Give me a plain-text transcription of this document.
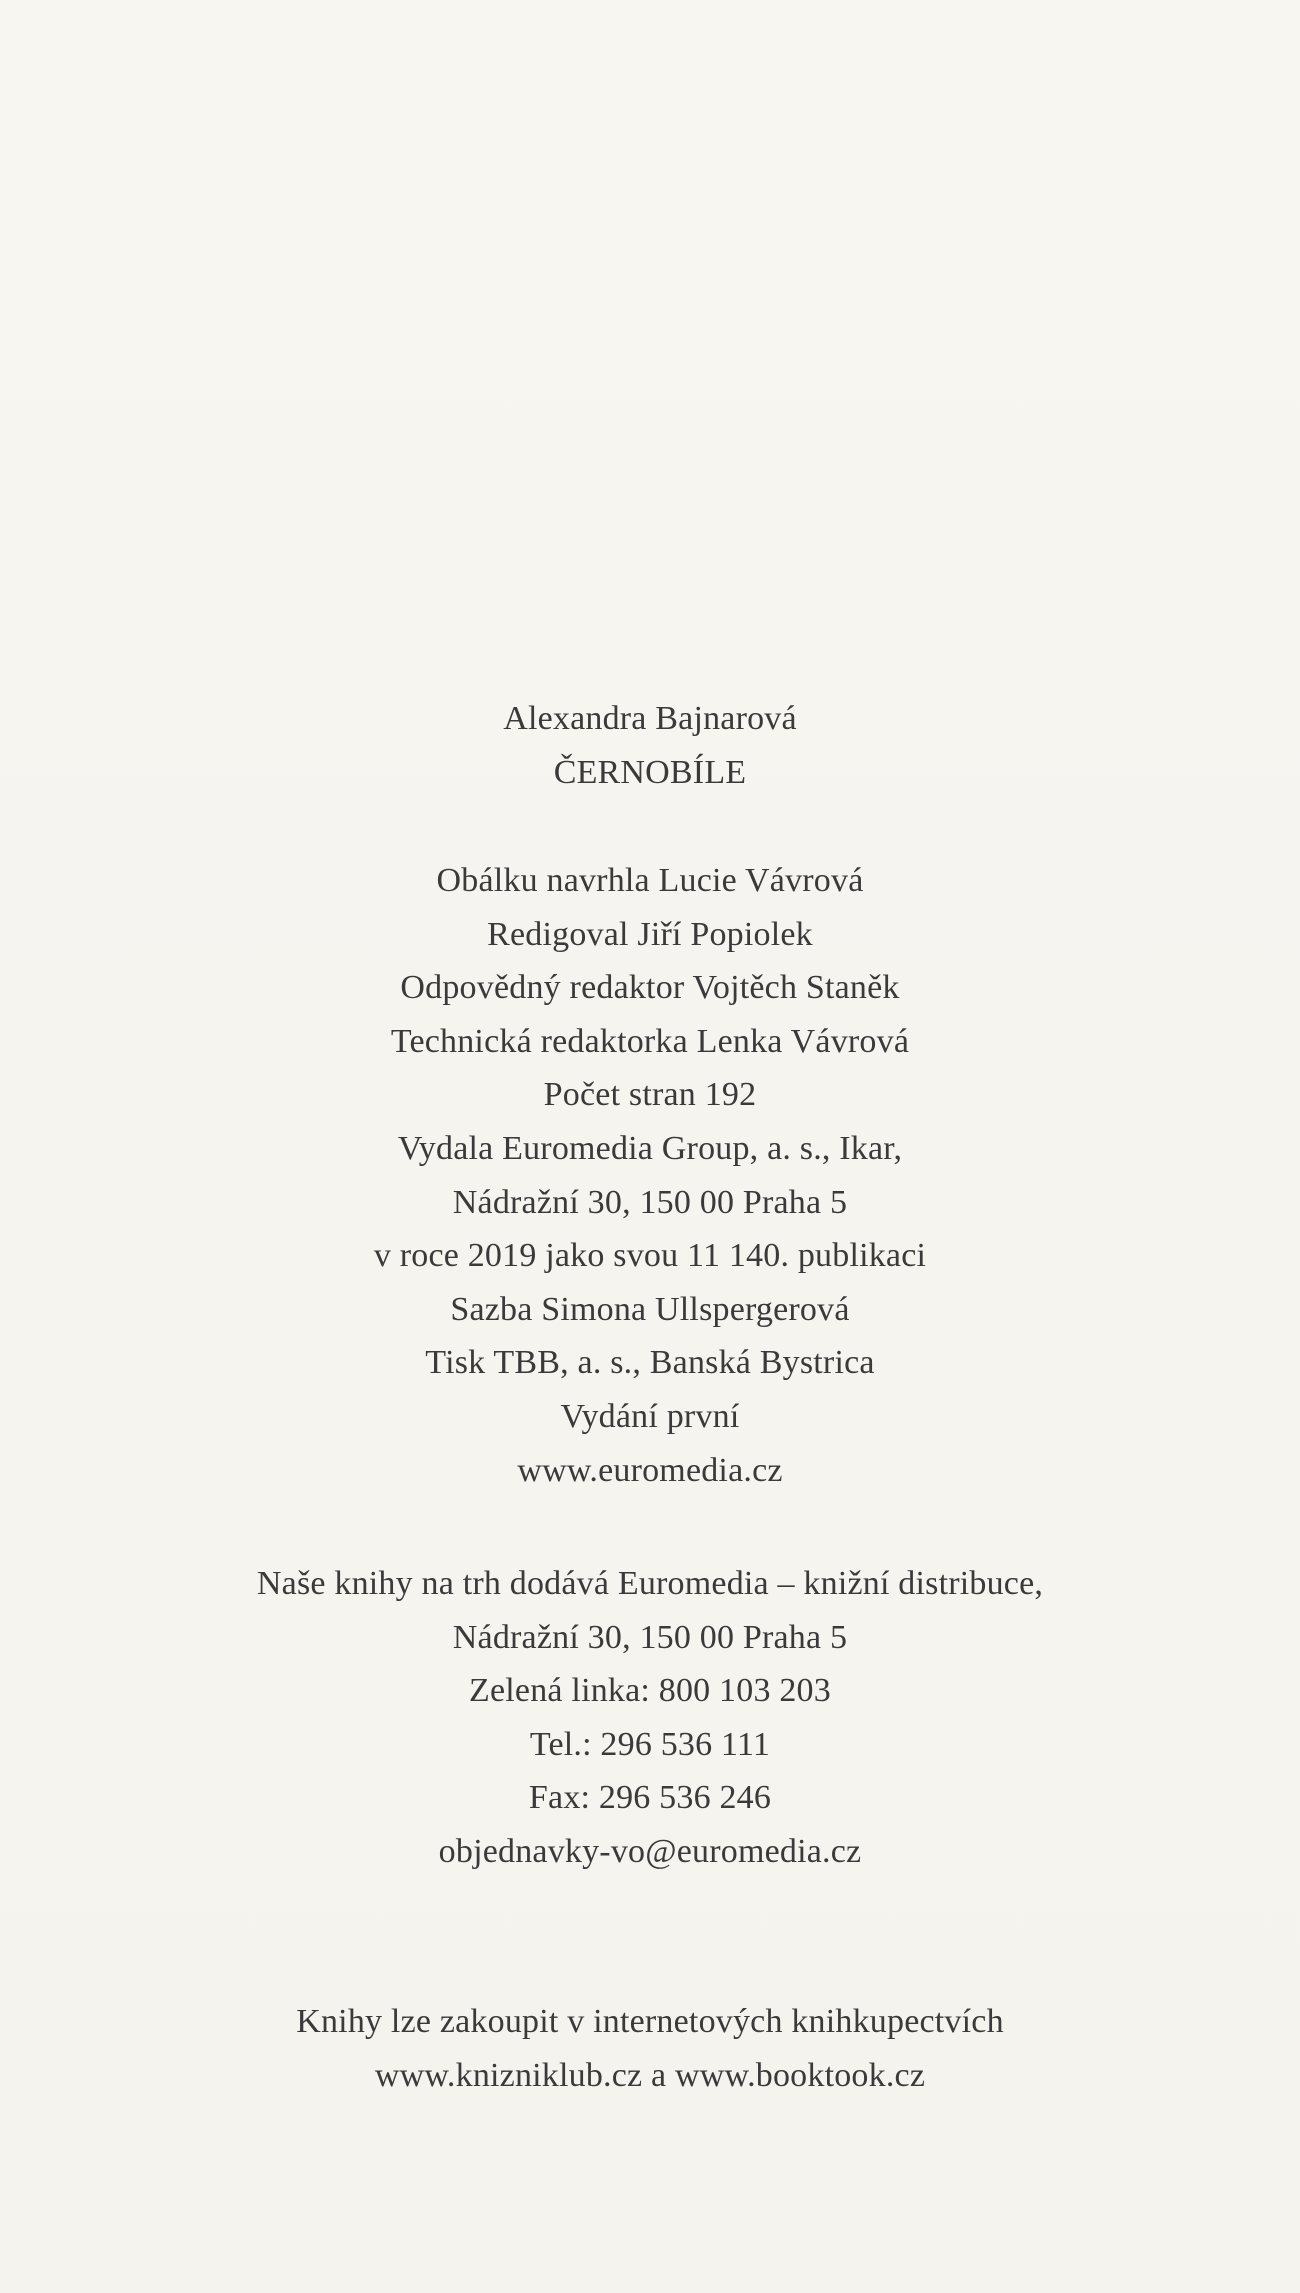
Alexandra Bajnarová
ČERNOBÍLE
Obálku navrhla Lucie Vávrová
Redigoval Jiří Popiolek
Odpovědný redaktor Vojtěch Staněk
Technická redaktorka Lenka Vávrová
Počet stran 192
Vydala Euromedia Group, a. s., Ikar,
Nádražní 30, 150 00 Praha 5
v roce 2019 jako svou 11 140. publikaci
Sazba Simona Ullspergerová
Tisk TBB, a. s., Banská Bystrica
Vydání první
www.euromedia.cz
Naše knihy na trh dodává Euromedia – knižní distribuce,
Nádražní 30, 150 00 Praha 5
Zelená linka: 800 103 203
Tel.: 296 536 111
Fax: 296 536 246
objednavky-vo@euromedia.cz
Knihy lze zakoupit v internetových knihkupectvích
www.knizniklub.cz a www.booktook.cz
